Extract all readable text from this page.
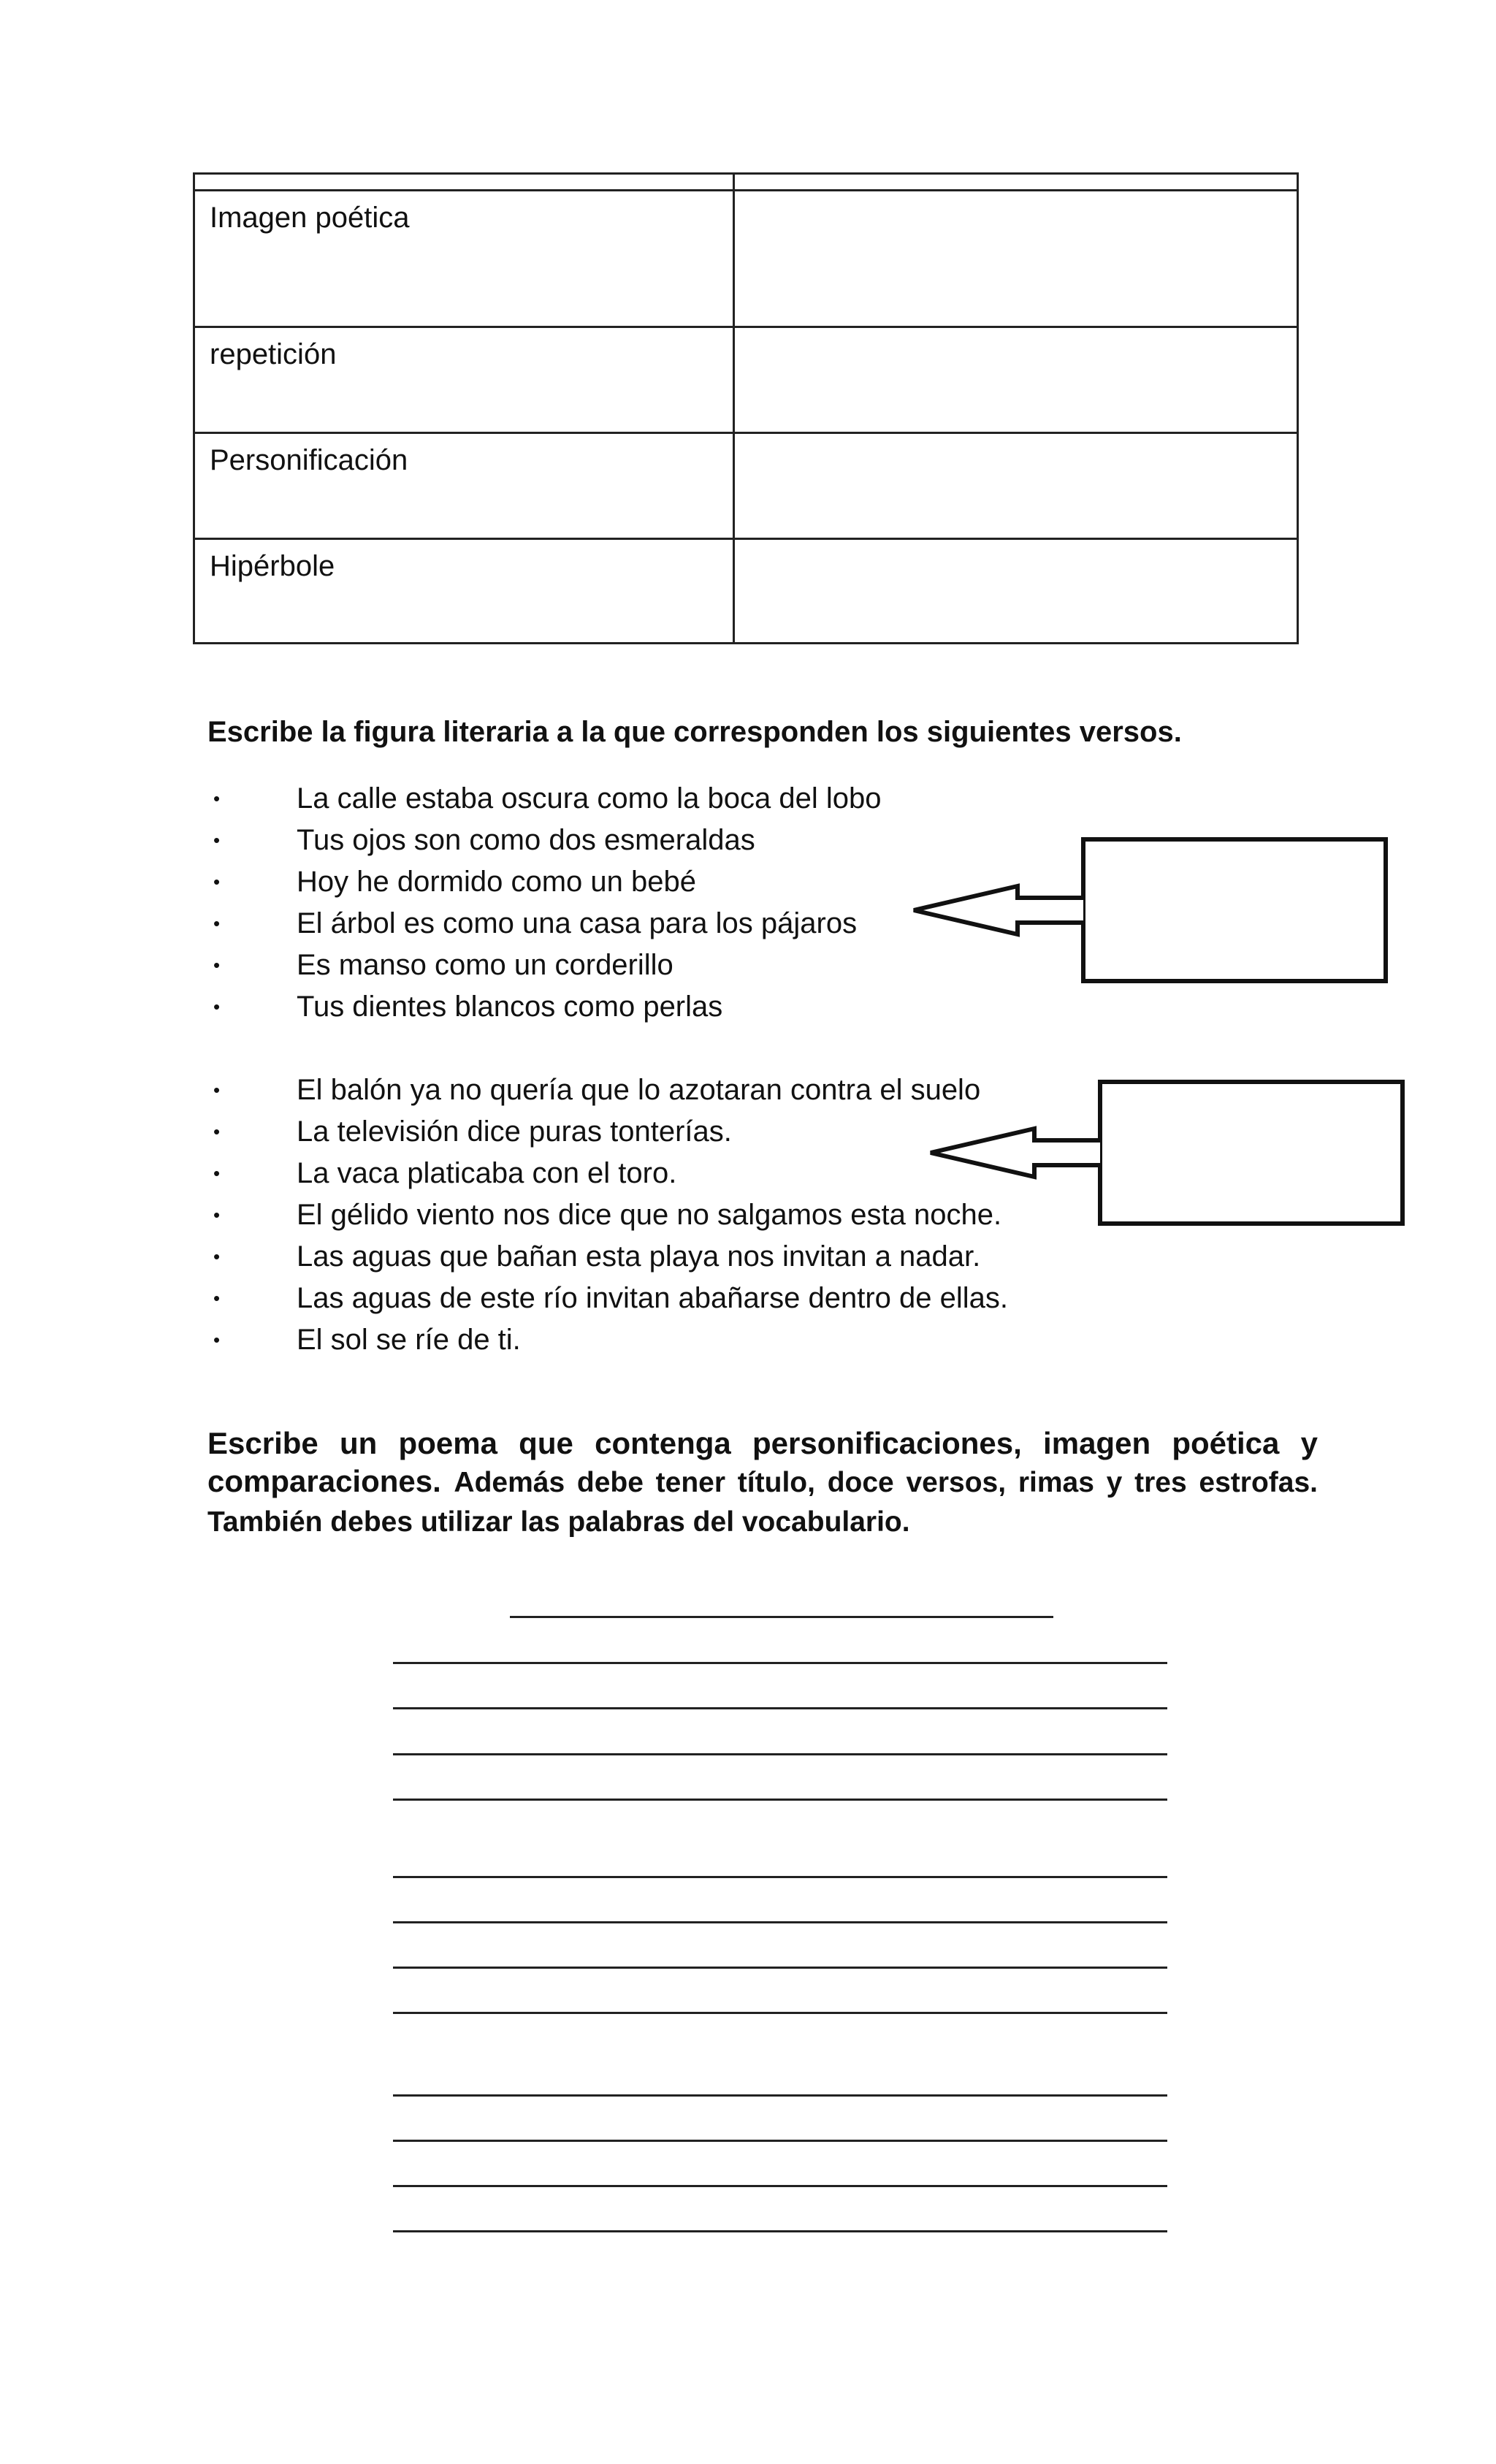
Imagen poética	
repetición	
Personificación	
Hipérbole	
Escribe la figura literaria a la que corresponden los siguientes versos.
•	La calle estaba oscura como la boca del lobo
•	Tus ojos son como dos esmeraldas
•	Hoy he dormido como un bebé
•	El árbol es como una casa para los pájaros
•	Es manso como un corderillo
•	Tus dientes blancos como perlas
•	El balón ya no quería que lo azotaran contra el suelo
•	La televisión dice puras tonterías.
•	La vaca platicaba con el toro.
•	El gélido viento nos dice que no salgamos esta noche.
•	Las aguas que bañan esta playa nos invitan a nadar.
•	Las aguas de este río invitan abañarse dentro de ellas.
•	El sol se ríe de ti.
Escribe un poema que contenga personificaciones, imagen poética y comparaciones. Además debe tener título, doce versos, rimas y tres estrofas. También debes utilizar las palabras del vocabulario.
